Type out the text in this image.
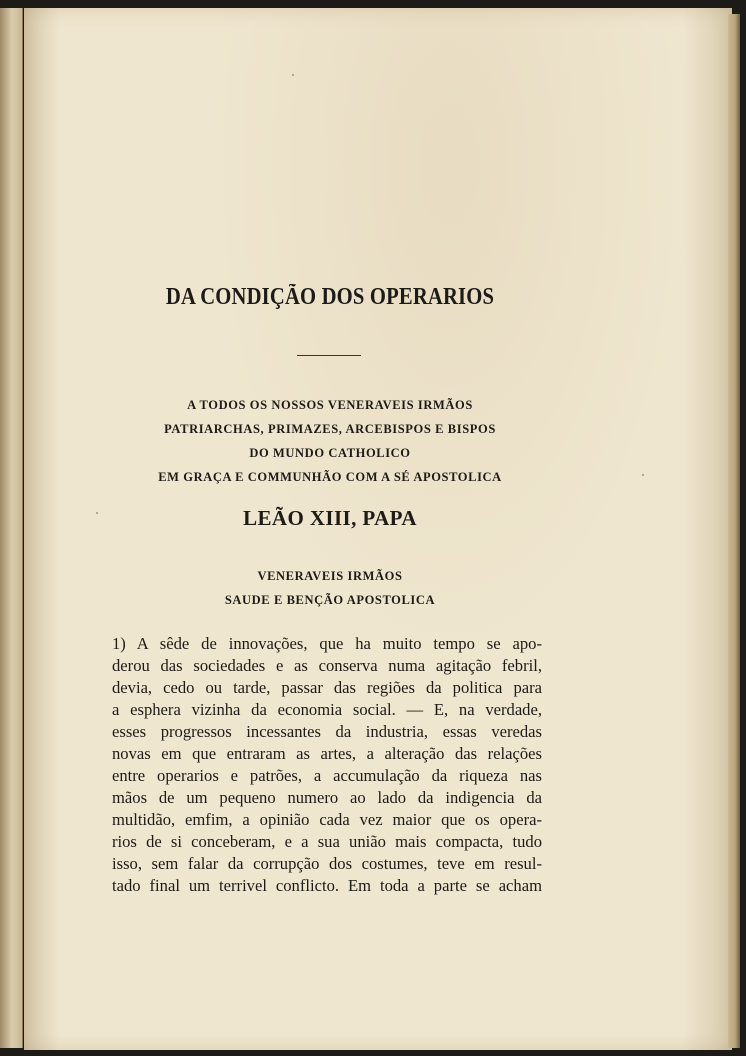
DA CONDIÇÃO DOS OPERARIOS

A TODOS OS NOSSOS VENERAVEIS IRMÃOS

PATRIARCHAS, PRIMAZES, ARCEBISPOS E BISPOS

DO MUNDO CATHOLICO

EM GRAÇA E COMMUNHÃO COM A SÉ APOSTOLICA

LEÃO XIII, PAPA

VENERAVEIS IRMÃOS

SAUDE E BENÇÃO APOSTOLICA

1) A sêde de innovações, que ha muito tempo se apo-

derou das sociedades e as conserva numa agitação febril,

devia, cedo ou tarde, passar das regiões da politica para

a esphera vizinha da economia social. — E, na verdade,

esses progressos incessantes da industria, essas veredas

novas em que entraram as artes, a alteração das relações

entre operarios e patrões, a accumulação da riqueza nas

mãos de um pequeno numero ao lado da indigencia da

multidão, emfim, a opinião cada vez maior que os opera-

rios de si conceberam, e a sua união mais compacta, tudo

isso, sem falar da corrupção dos costumes, teve em resul-

tado final um terrivel conflicto. Em toda a parte se acham
